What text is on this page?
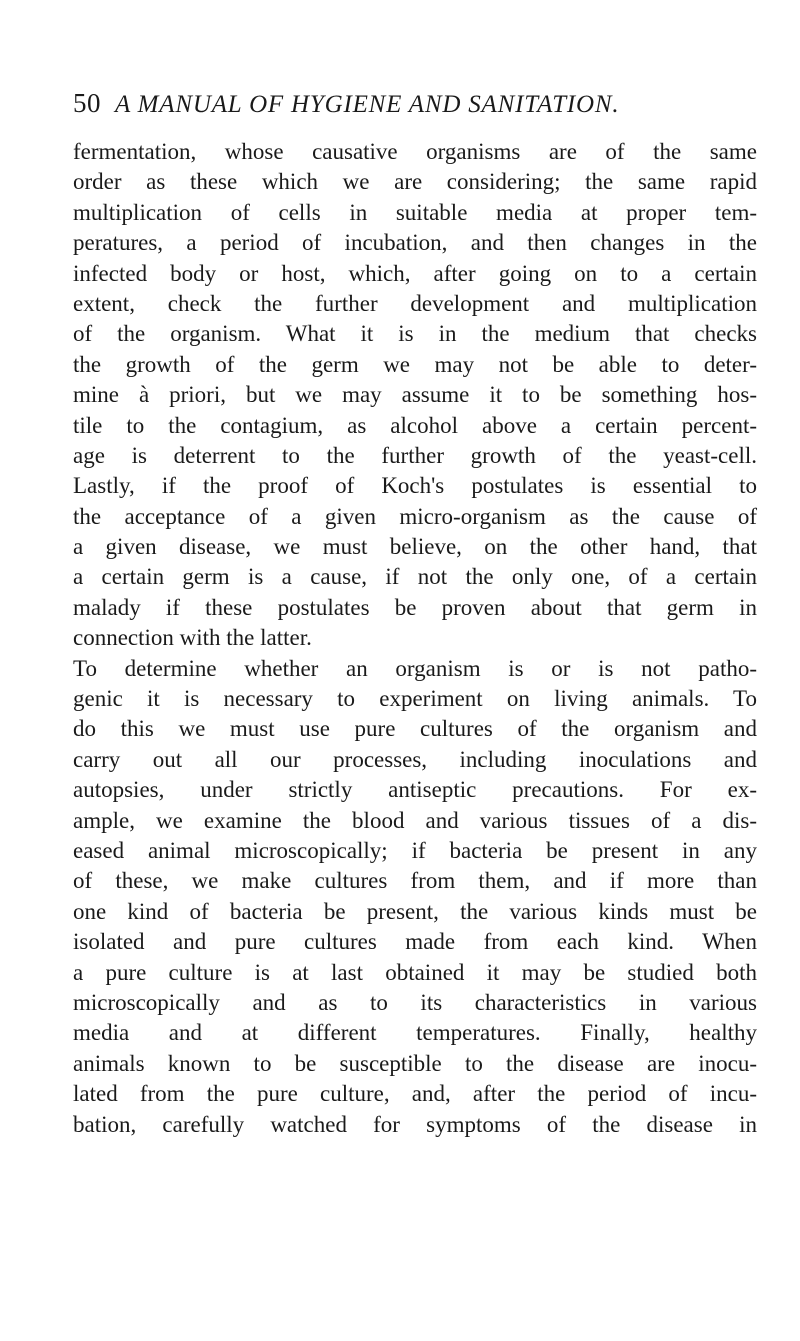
50 A MANUAL OF HYGIENE AND SANITATION.
fermentation, whose causative organisms are of the same
order as these which we are considering; the same rapid
multiplication of cells in suitable media at proper tem-
peratures, a period of incubation, and then changes in the
infected body or host, which, after going on to a certain
extent, check the further development and multiplication
of the organism. What it is in the medium that checks
the growth of the germ we may not be able to deter-
mine à priori, but we may assume it to be something hos-
tile to the contagium, as alcohol above a certain percent-
age is deterrent to the further growth of the yeast-cell.
Lastly, if the proof of Koch's postulates is essential to
the acceptance of a given micro-organism as the cause of
a given disease, we must believe, on the other hand, that
a certain germ is a cause, if not the only one, of a certain
malady if these postulates be proven about that germ in
connection with the latter.
To determine whether an organism is or is not patho-
genic it is necessary to experiment on living animals. To
do this we must use pure cultures of the organism and
carry out all our processes, including inoculations and
autopsies, under strictly antiseptic precautions. For ex-
ample, we examine the blood and various tissues of a dis-
eased animal microscopically; if bacteria be present in any
of these, we make cultures from them, and if more than
one kind of bacteria be present, the various kinds must be
isolated and pure cultures made from each kind. When
a pure culture is at last obtained it may be studied both
microscopically and as to its characteristics in various
media and at different temperatures. Finally, healthy
animals known to be susceptible to the disease are inocu-
lated from the pure culture, and, after the period of incu-
bation, carefully watched for symptoms of the disease in
